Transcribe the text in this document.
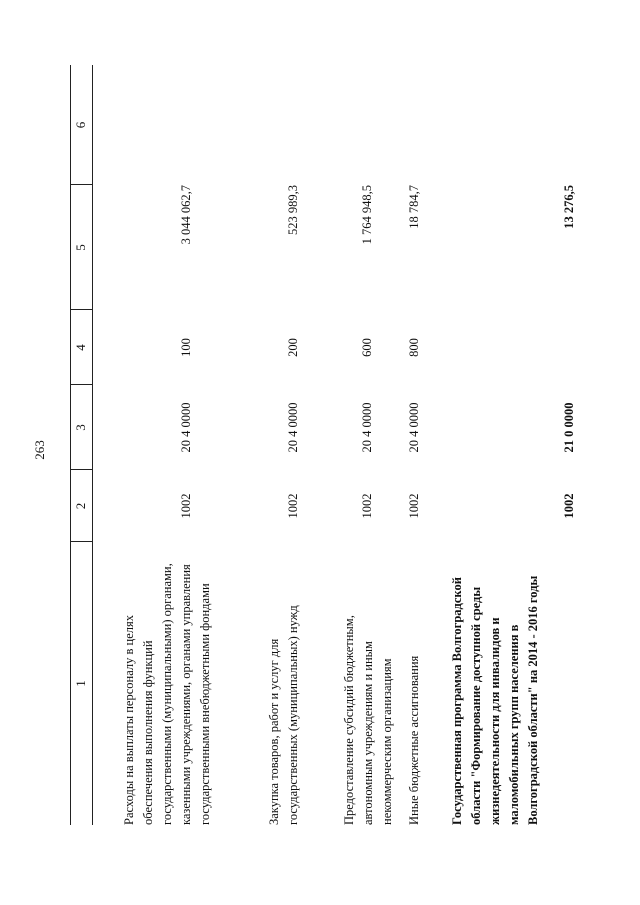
263
1
2
3
4
5
6
Расходы на выплаты персоналу в целях обеспечения выполнения функций государственными (муниципальными) органами, казенными учреждениями, органами управления государственными внебюджетными фондами
1002
20 4 0000
100
3 044 062,7
Закупка товаров, работ и услуг для государственных (муниципальных) нужд
1002
20 4 0000
200
523 989,3
Предоставление субсидий бюджетным, автономным учреждениям и иным некоммерческим организациям
1002
20 4 0000
600
1 764 948,5
Иные бюджетные ассигнования
1002
20 4 0000
800
18 784,7
Государственная программа Волгоградской области "Формирование доступной среды жизнедеятельности для инвалидов и маломобильных групп населения в Волгоградской области" на 2014 - 2016 годы
1002
21 0 0000
13 276,5
